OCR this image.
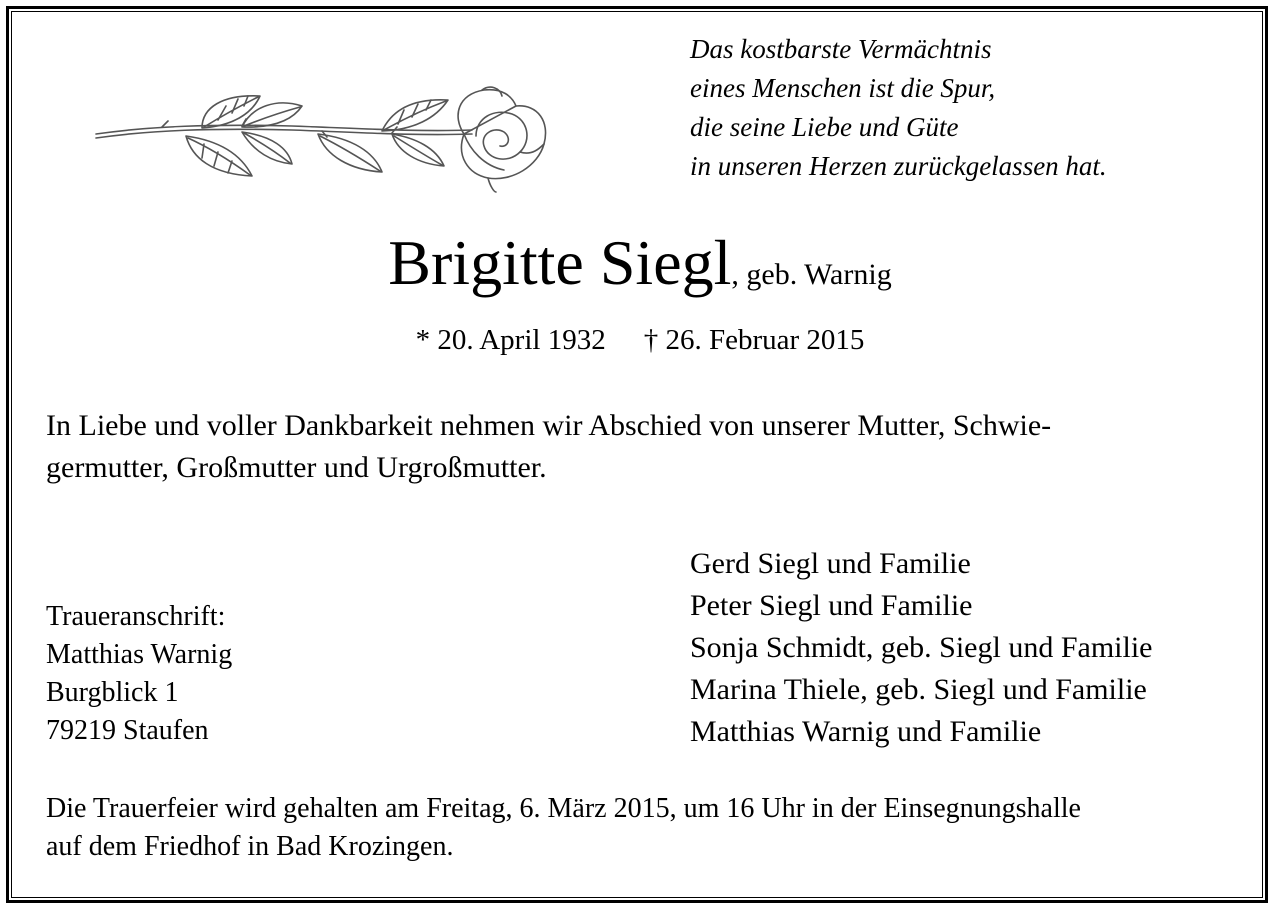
Das kostbarste Vermächtnis
eines Menschen ist die Spur,
die seine Liebe und Güte
in unseren Herzen zurückgelassen hat.
Brigitte Siegl, geb. Warnig
* 20. April 1932 † 26. Februar 2015
In Liebe und voller Dankbarkeit nehmen wir Abschied von unserer Mutter, Schwie-
germutter, Großmutter und Urgroßmutter.
Traueranschrift:
Matthias Warnig
Burgblick 1
79219 Staufen
Gerd Siegl und Familie
Peter Siegl und Familie
Sonja Schmidt, geb. Siegl und Familie
Marina Thiele, geb. Siegl und Familie
Matthias Warnig und Familie
Die Trauerfeier wird gehalten am Freitag, 6. März 2015, um 16 Uhr in der Einsegnungshalle
auf dem Friedhof in Bad Krozingen.
